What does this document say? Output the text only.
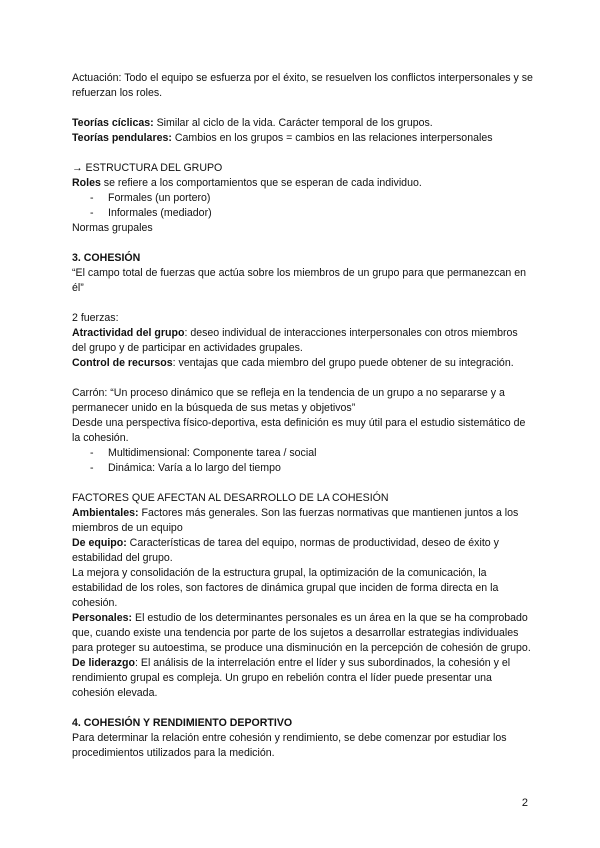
Actuación: Todo el equipo se esfuerza por el éxito, se resuelven los conflictos interpersonales y se refuerzan los roles.

Teorías cíclicas: Similar al ciclo de la vida. Carácter temporal de los grupos.

Teorías pendulares: Cambios en los grupos = cambios en las relaciones interpersonales

→ ESTRUCTURA DEL GRUPO

Roles se refiere a los comportamientos que se esperan de cada individuo.

- Formales (un portero)
- Informales (mediador)

Normas grupales

3. COHESIÓN

“El campo total de fuerzas que actúa sobre los miembros de un grupo para que permanezcan en él”

2 fuerzas:

Atractividad del grupo: deseo individual de interacciones interpersonales con otros miembros del grupo y de participar en actividades grupales.

Control de recursos: ventajas que cada miembro del grupo puede obtener de su integración.

Carrón: “Un proceso dinámico que se refleja en la tendencia de un grupo a no separarse y a permanecer unido en la búsqueda de sus metas y objetivos”

Desde una perspectiva físico-deportiva, esta definición es muy útil para el estudio sistemático de la cohesión.

- Multidimensional: Componente tarea / social
- Dinámica: Varía a lo largo del tiempo

FACTORES QUE AFECTAN AL DESARROLLO DE LA COHESIÓN

Ambientales: Factores más generales. Son las fuerzas normativas que mantienen juntos a los miembros de un equipo

De equipo: Características de tarea del equipo, normas de productividad, deseo de éxito y estabilidad del grupo.

La mejora y consolidación de la estructura grupal, la optimización de la comunicación, la estabilidad de los roles, son factores de dinámica grupal que inciden de forma directa en la cohesión.

Personales: El estudio de los determinantes personales es un área en la que se ha comprobado que, cuando existe una tendencia por parte de los sujetos a desarrollar estrategias individuales para proteger su autoestima, se produce una disminución en la percepción de cohesión de grupo.

De liderazgo: El análisis de la interrelación entre el líder y sus subordinados, la cohesión y el rendimiento grupal es compleja. Un grupo en rebelión contra el líder puede presentar una cohesión elevada.

4. COHESIÓN Y RENDIMIENTO DEPORTIVO

Para determinar la relación entre cohesión y rendimiento, se debe comenzar por estudiar los procedimientos utilizados para la medición.

2
